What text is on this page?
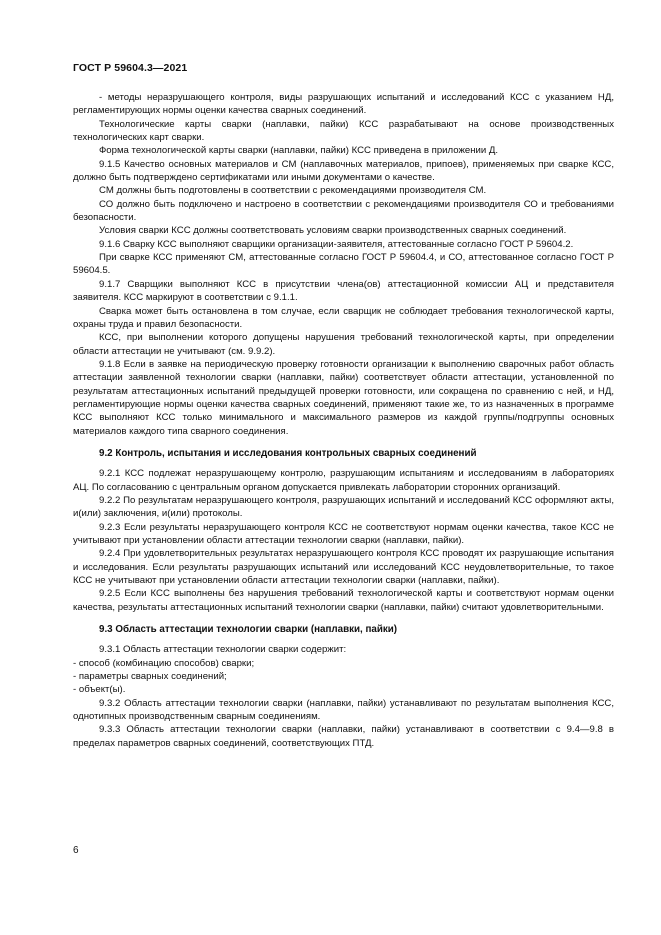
ГОСТ Р 59604.3—2021

- методы неразрушающего контроля, виды разрушающих испытаний и исследований КСС с указанием НД, регламентирующих нормы оценки качества сварных соединений.

Технологические карты сварки (наплавки, пайки) КСС разрабатывают на основе производственных технологических карт сварки.

Форма технологической карты сварки (наплавки, пайки) КСС приведена в приложении Д.

9.1.5 Качество основных материалов и СМ (наплавочных материалов, припоев), применяемых при сварке КСС, должно быть подтверждено сертификатами или иными документами о качестве.

СМ должны быть подготовлены в соответствии с рекомендациями производителя СМ.

СО должно быть подключено и настроено в соответствии с рекомендациями производителя СО и требованиями безопасности.

Условия сварки КСС должны соответствовать условиям сварки производственных сварных соединений.

9.1.6 Сварку КСС выполняют сварщики организации-заявителя, аттестованные согласно ГОСТ Р 59604.2.

При сварке КСС применяют СМ, аттестованные согласно ГОСТ Р 59604.4, и СО, аттестованное согласно ГОСТ Р 59604.5.

9.1.7 Сварщики выполняют КСС в присутствии члена(ов) аттестационной комиссии АЦ и представителя заявителя. КСС маркируют в соответствии с 9.1.1.

Сварка может быть остановлена в том случае, если сварщик не соблюдает требования технологической карты, охраны труда и правил безопасности.

КСС, при выполнении которого допущены нарушения требований технологической карты, при определении области аттестации не учитывают (см. 9.9.2).

9.1.8 Если в заявке на периодическую проверку готовности организации к выполнению сварочных работ область аттестации заявленной технологии сварки (наплавки, пайки) соответствует области аттестации, установленной по результатам аттестационных испытаний предыдущей проверки готовности, или сокращена по сравнению с ней, и НД, регламентирующие нормы оценки качества сварных соединений, применяют такие же, то из назначенных в программе КСС выполняют КСС только минимального и максимального размеров из каждой группы/подгруппы основных материалов каждого типа сварного соединения.

9.2 Контроль, испытания и исследования контрольных сварных соединений

9.2.1 КСС подлежат неразрушающему контролю, разрушающим испытаниям и исследованиям в лабораториях АЦ. По согласованию с центральным органом допускается привлекать лаборатории сторонних организаций.

9.2.2 По результатам неразрушающего контроля, разрушающих испытаний и исследований КСС оформляют акты, и(или) заключения, и(или) протоколы.

9.2.3 Если результаты неразрушающего контроля КСС не соответствуют нормам оценки качества, такое КСС не учитывают при установлении области аттестации технологии сварки (наплавки, пайки).

9.2.4 При удовлетворительных результатах неразрушающего контроля КСС проводят их разрушающие испытания и исследования. Если результаты разрушающих испытаний или исследований КСС неудовлетворительные, то такое КСС не учитывают при установлении области аттестации технологии сварки (наплавки, пайки).

9.2.5 Если КСС выполнены без нарушения требований технологической карты и соответствуют нормам оценки качества, результаты аттестационных испытаний технологии сварки (наплавки, пайки) считают удовлетворительными.

9.3 Область аттестации технологии сварки (наплавки, пайки)

9.3.1 Область аттестации технологии сварки содержит:

- способ (комбинацию способов) сварки;

- параметры сварных соединений;

- объект(ы).

9.3.2 Область аттестации технологии сварки (наплавки, пайки) устанавливают по результатам выполнения КСС, однотипных производственным сварным соединениям.

9.3.3 Область аттестации технологии сварки (наплавки, пайки) устанавливают в соответствии с 9.4—9.8 в пределах параметров сварных соединений, соответствующих ПТД.

6
